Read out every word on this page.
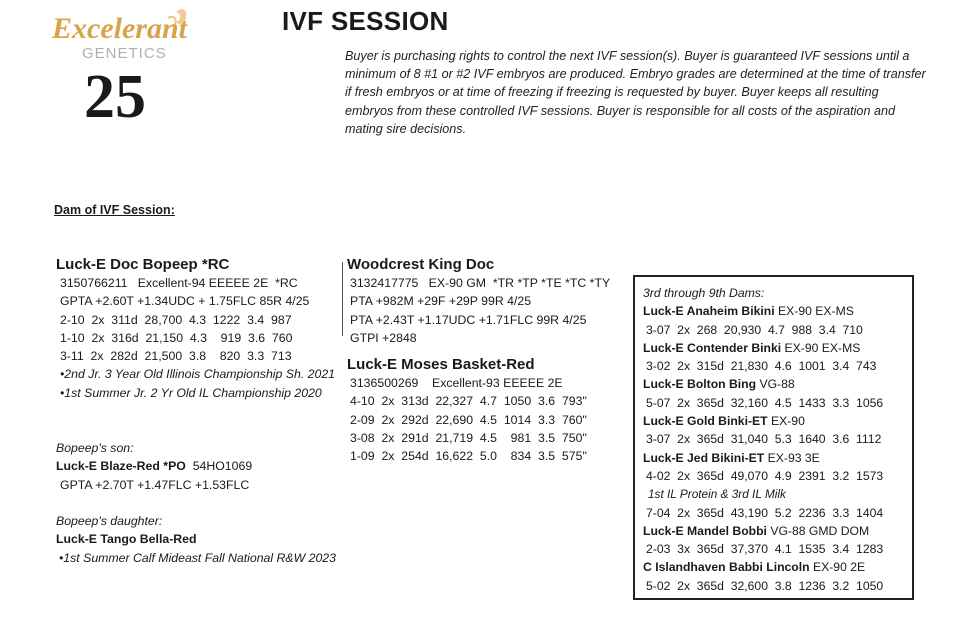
Excelerant
GENETICS
25
IVF SESSION
Buyer is purchasing rights to control the next IVF session(s). Buyer is guaranteed IVF sessions until a minimum of 8 #1 or #2 IVF embryos are produced. Embryo grades are determined at the time of transfer if fresh embryos or at time of freezing if freezing is requested by buyer. Buyer keeps all resulting embryos from these controlled IVF sessions. Buyer is responsible for all costs of the aspiration and mating sire decisions.
Dam of IVF Session:
Luck-E Doc Bopeep *RC
3150766211   Excellent-94 EEEEE 2E  *RC
GPTA +2.60T +1.34UDC + 1.75FLC 85R 4/25
2-10  2x  311d  28,700  4.3  1222  3.4  987
1-10  2x  316d  21,150  4.3    919  3.6  760
3-11  2x  282d  21,500  3.8    820  3.3  713
•2nd Jr. 3 Year Old Illinois Championship Sh. 2021
•1st Summer Jr. 2 Yr Old IL Championship 2020
Bopeep's son:
Luck-E Blaze-Red *PO 54HO1069
GPTA +2.70T +1.47FLC +1.53FLC
Bopeep's daughter:
Luck-E Tango Bella-Red
•1st Summer Calf Mideast Fall National R&W 2023
Woodcrest King Doc
3132417775   EX-90 GM  *TR *TP *TE *TC *TY
PTA +982M +29F +29P 99R 4/25
PTA +2.43T +1.17UDC +1.71FLC 99R 4/25
GTPI +2848
Luck-E Moses Basket-Red
3136500269    Excellent-93 EEEEE 2E
4-10  2x  313d  22,327  4.7  1050  3.6  793"
2-09  2x  292d  22,690  4.5  1014  3.3  760"
3-08  2x  291d  21,719  4.5    981  3.5  750"
1-09  2x  254d  16,622  5.0    834  3.5  575"
3rd through 9th Dams:
Luck-E Anaheim Bikini EX-90 EX-MS
3-07  2x  268  20,930  4.7  988  3.4  710
Luck-E Contender Binki EX-90 EX-MS
3-02  2x  315d  21,830  4.6  1001  3.4  743
Luck-E Bolton Bing VG-88
5-07  2x  365d  32,160  4.5  1433  3.3  1056
Luck-E Gold Binki-ET EX-90
3-07  2x  365d  31,040  5.3  1640  3.6  1112
Luck-E Jed Bikini-ET EX-93 3E
4-02  2x  365d  49,070  4.9  2391  3.2  1573
1st IL Protein & 3rd IL Milk
7-04  2x  365d  43,190  5.2  2236  3.3  1404
Luck-E Mandel Bobbi VG-88 GMD DOM
2-03  3x  365d  37,370  4.1  1535  3.4  1283
C Islandhaven Babbi Lincoln EX-90 2E
5-02  2x  365d  32,600  3.8  1236  3.2  1050
